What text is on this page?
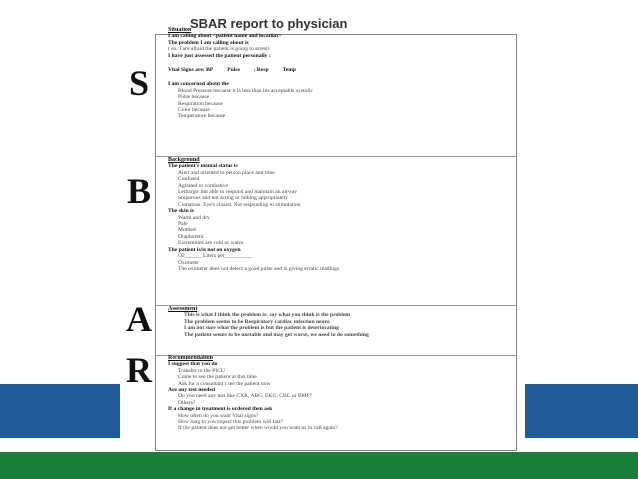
SBAR report to physician
S
B
A
R
Situation
I am calling about <patient name and location>
The problem I am calling about is
( ex. I am afraid the patient is going to arrest)
I have just assessed the patient personally :
Vital Signs are: BP	Pulse	, Resp	Temp
I am concerned about the
Blood Pressure because it is less than his acceptable systolic
Pulse because
Respiration because
Color because
Temperature because
Background
The patient's mental status is
Alert and oriented to person place and time
Confused
Agitated or combative
Lethargic but able to respond and maintain an airway
Stuporous and not acting or talking appropriately
Comatose, Eye's closed. Not responding to stimulation
The skin is
Warm and dry
Pale
Mottled
Diaphoretic
Extremities are cold or warm
The patient is/is not on oxygen
O2______ Liters per__________
Oximeter
The oximeter does not detect a good pulse and is giving erratic readings
Assessment
This is what I think the problem is: say what you think is the problem
The problem seems to be Respiratory cardiac infection neuro
I am not sure what the problem is but the patient is deteriorating
The patient seems to be unstable and may get worse, we need to do something
Recommendation
I suggest that you do
Transfer to the PICU
Come to see the patient at this time
Ask for a consultant t see the patient now
Are any test needed
Do you need any test like CXR, ABG, EKG, CBC or BMP?
Others?
If a change in treatment is ordered then ask
How often do you want Vital signs?
How long to you expect this problem will last?
If the patient does not get better when would you want us to call again?
